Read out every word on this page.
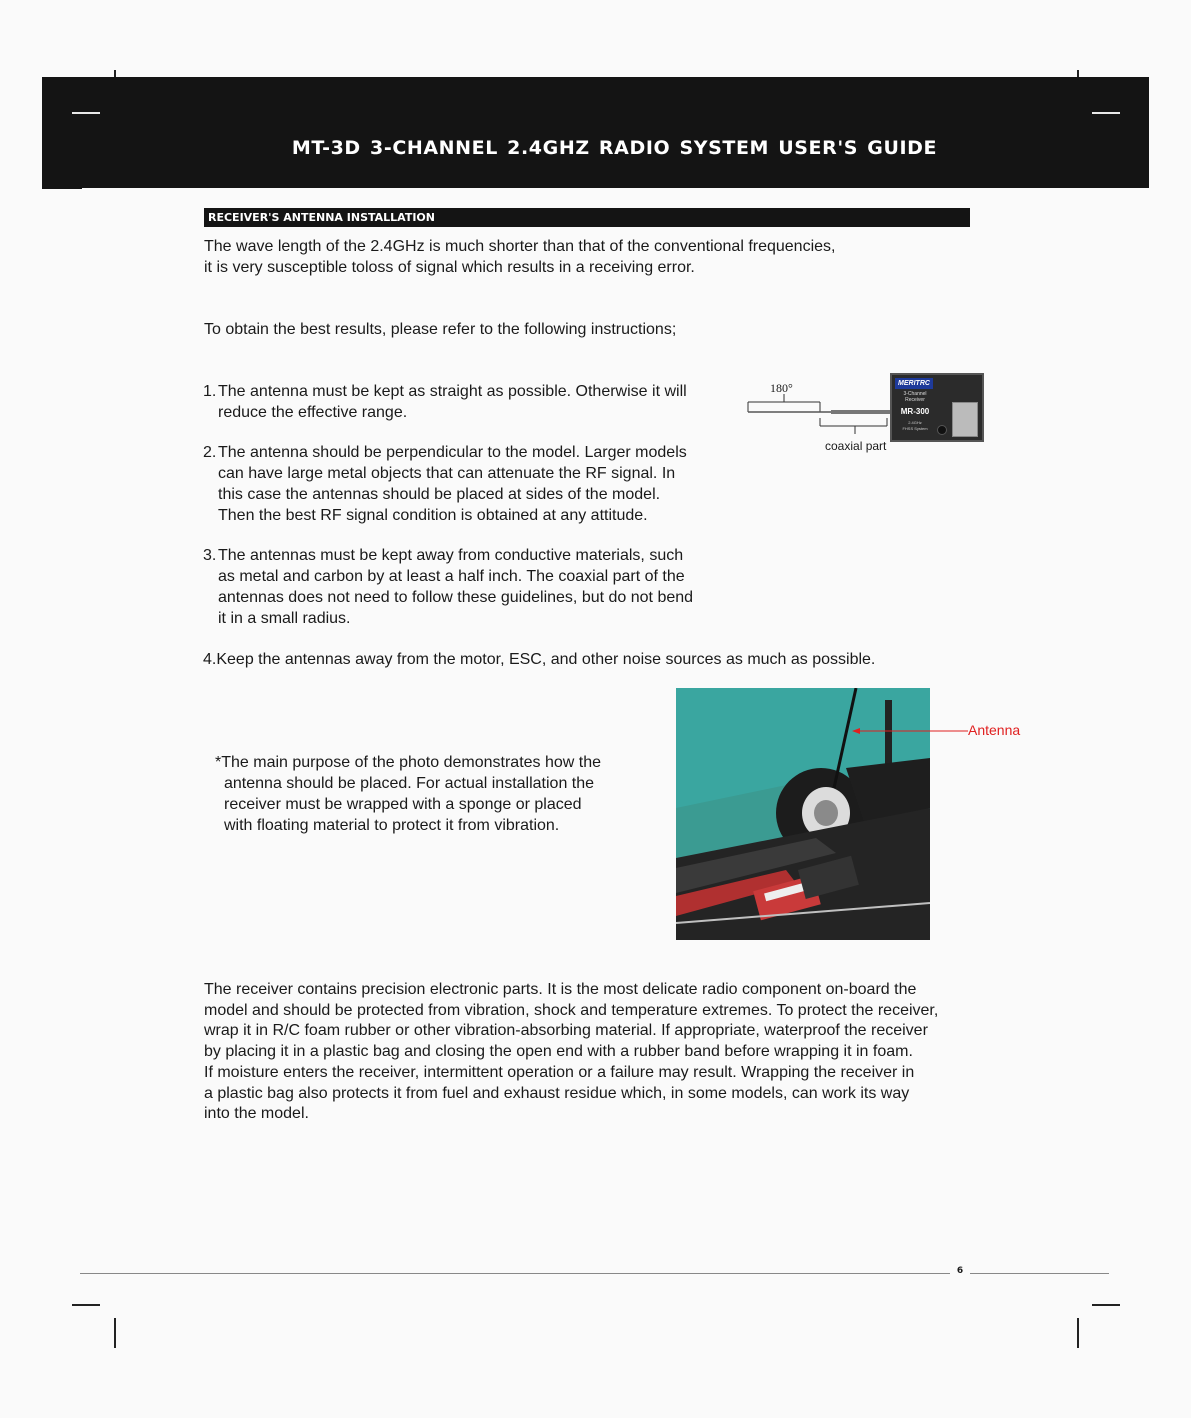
MT-3D 3-CHANNEL 2.4GHZ RADIO SYSTEM USER'S GUIDE
RECEIVER'S ANTENNA INSTALLATION

The wave length of the 2.4GHz is much shorter than that of the conventional frequencies,

it is very susceptible toloss of signal which results in a receiving error.

To obtain the best results, please refer to the following instructions;

1. The antenna must be kept as straight as possible. Otherwise it will
reduce the effective range.
2. The antenna should be perpendicular to the model. Larger models
can have large metal objects that can attenuate the RF signal. In
this case the antennas should be placed at sides of the model.
Then the best RF signal condition is obtained at any attitude.
3. The antennas must be kept away from conductive materials, such
as metal and carbon by at least a half inch. The coaxial part of the
antennas does not need to follow these guidelines, but do not bend
it in a small radius.
4.Keep the antennas away from the motor, ESC, and other noise sources as much as possible.
180°
coaxial part
MERITRC
3-Channel Receiver
MR-300
2.4GHz
FHSS System
*The main purpose of the photo demonstrates how the
antenna should be placed. For actual installation the
receiver must be wrapped with a sponge or placed
with floating material to protect it from vibration.
Antenna
The receiver contains precision electronic parts. It is the most delicate radio component on-board the
model and should be protected from vibration, shock and temperature extremes. To protect the receiver,
wrap it in R/C foam rubber or other vibration-absorbing material. If appropriate, waterproof the receiver
by placing it in a plastic bag and closing the open end with a rubber band before wrapping it in foam.
If moisture enters the receiver, intermittent operation or a failure may result. Wrapping the receiver in
a plastic bag also protects it from fuel and exhaust residue which, in some models, can work its way
into the model.
6
